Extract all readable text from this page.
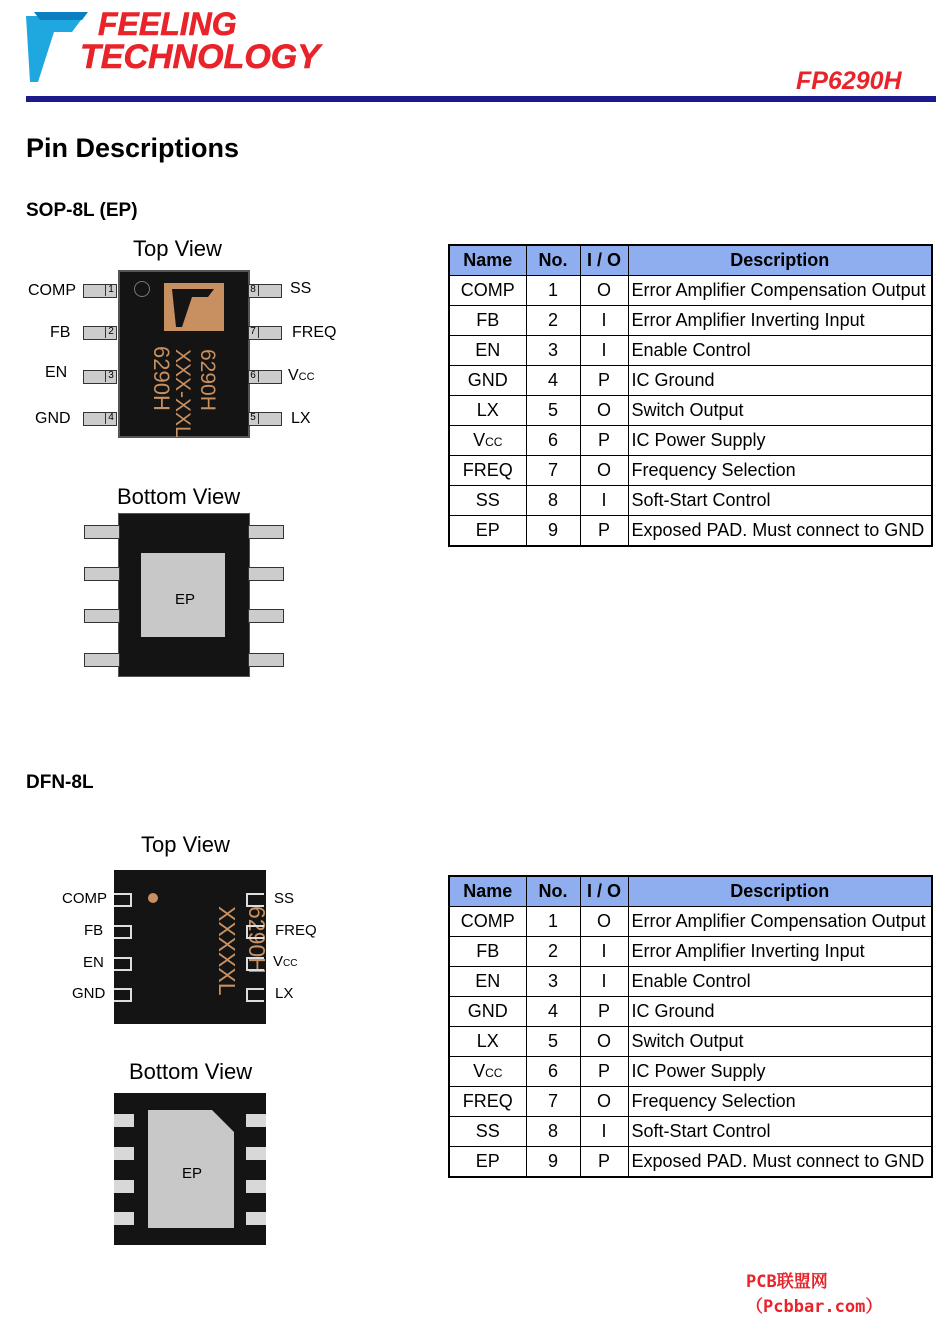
FEELING
TECHNOLOGY
FP6290H
Pin Descriptions
SOP-8L (EP)
Top View
6290H
XXX-XXL 6290H
COMP	1
FB	2
EN	3
GND	4
8 SS
7 FREQ
6 VCC
5 LX
Bottom View
EP
Name	No.	I / O	Description
COMP	1	O	Error Amplifier Compensation Output
FB	2	I	Error Amplifier Inverting Input
EN	3	I	Enable Control
GND	4	P	IC Ground
LX	5	O	Switch Output
VCC	6	P	IC Power Supply
FREQ	7	O	Frequency Selection
SS	8	I	Soft-Start Control
EP	9	P	Exposed PAD. Must connect to GND
DFN-8L
Top View
XXXXXL 6290H
COMP
FB
EN
GND
SS
FREQ
VCC
LX
Bottom View
EP
Name	No.	I / O	Description
COMP	1	O	Error Amplifier Compensation Output
FB	2	I	Error Amplifier Inverting Input
EN	3	I	Enable Control
GND	4	P	IC Ground
LX	5	O	Switch Output
VCC	6	P	IC Power Supply
FREQ	7	O	Frequency Selection
SS	8	I	Soft-Start Control
EP	9	P	Exposed PAD. Must connect to GND
PCB联盟网（Pcbbar.com）
